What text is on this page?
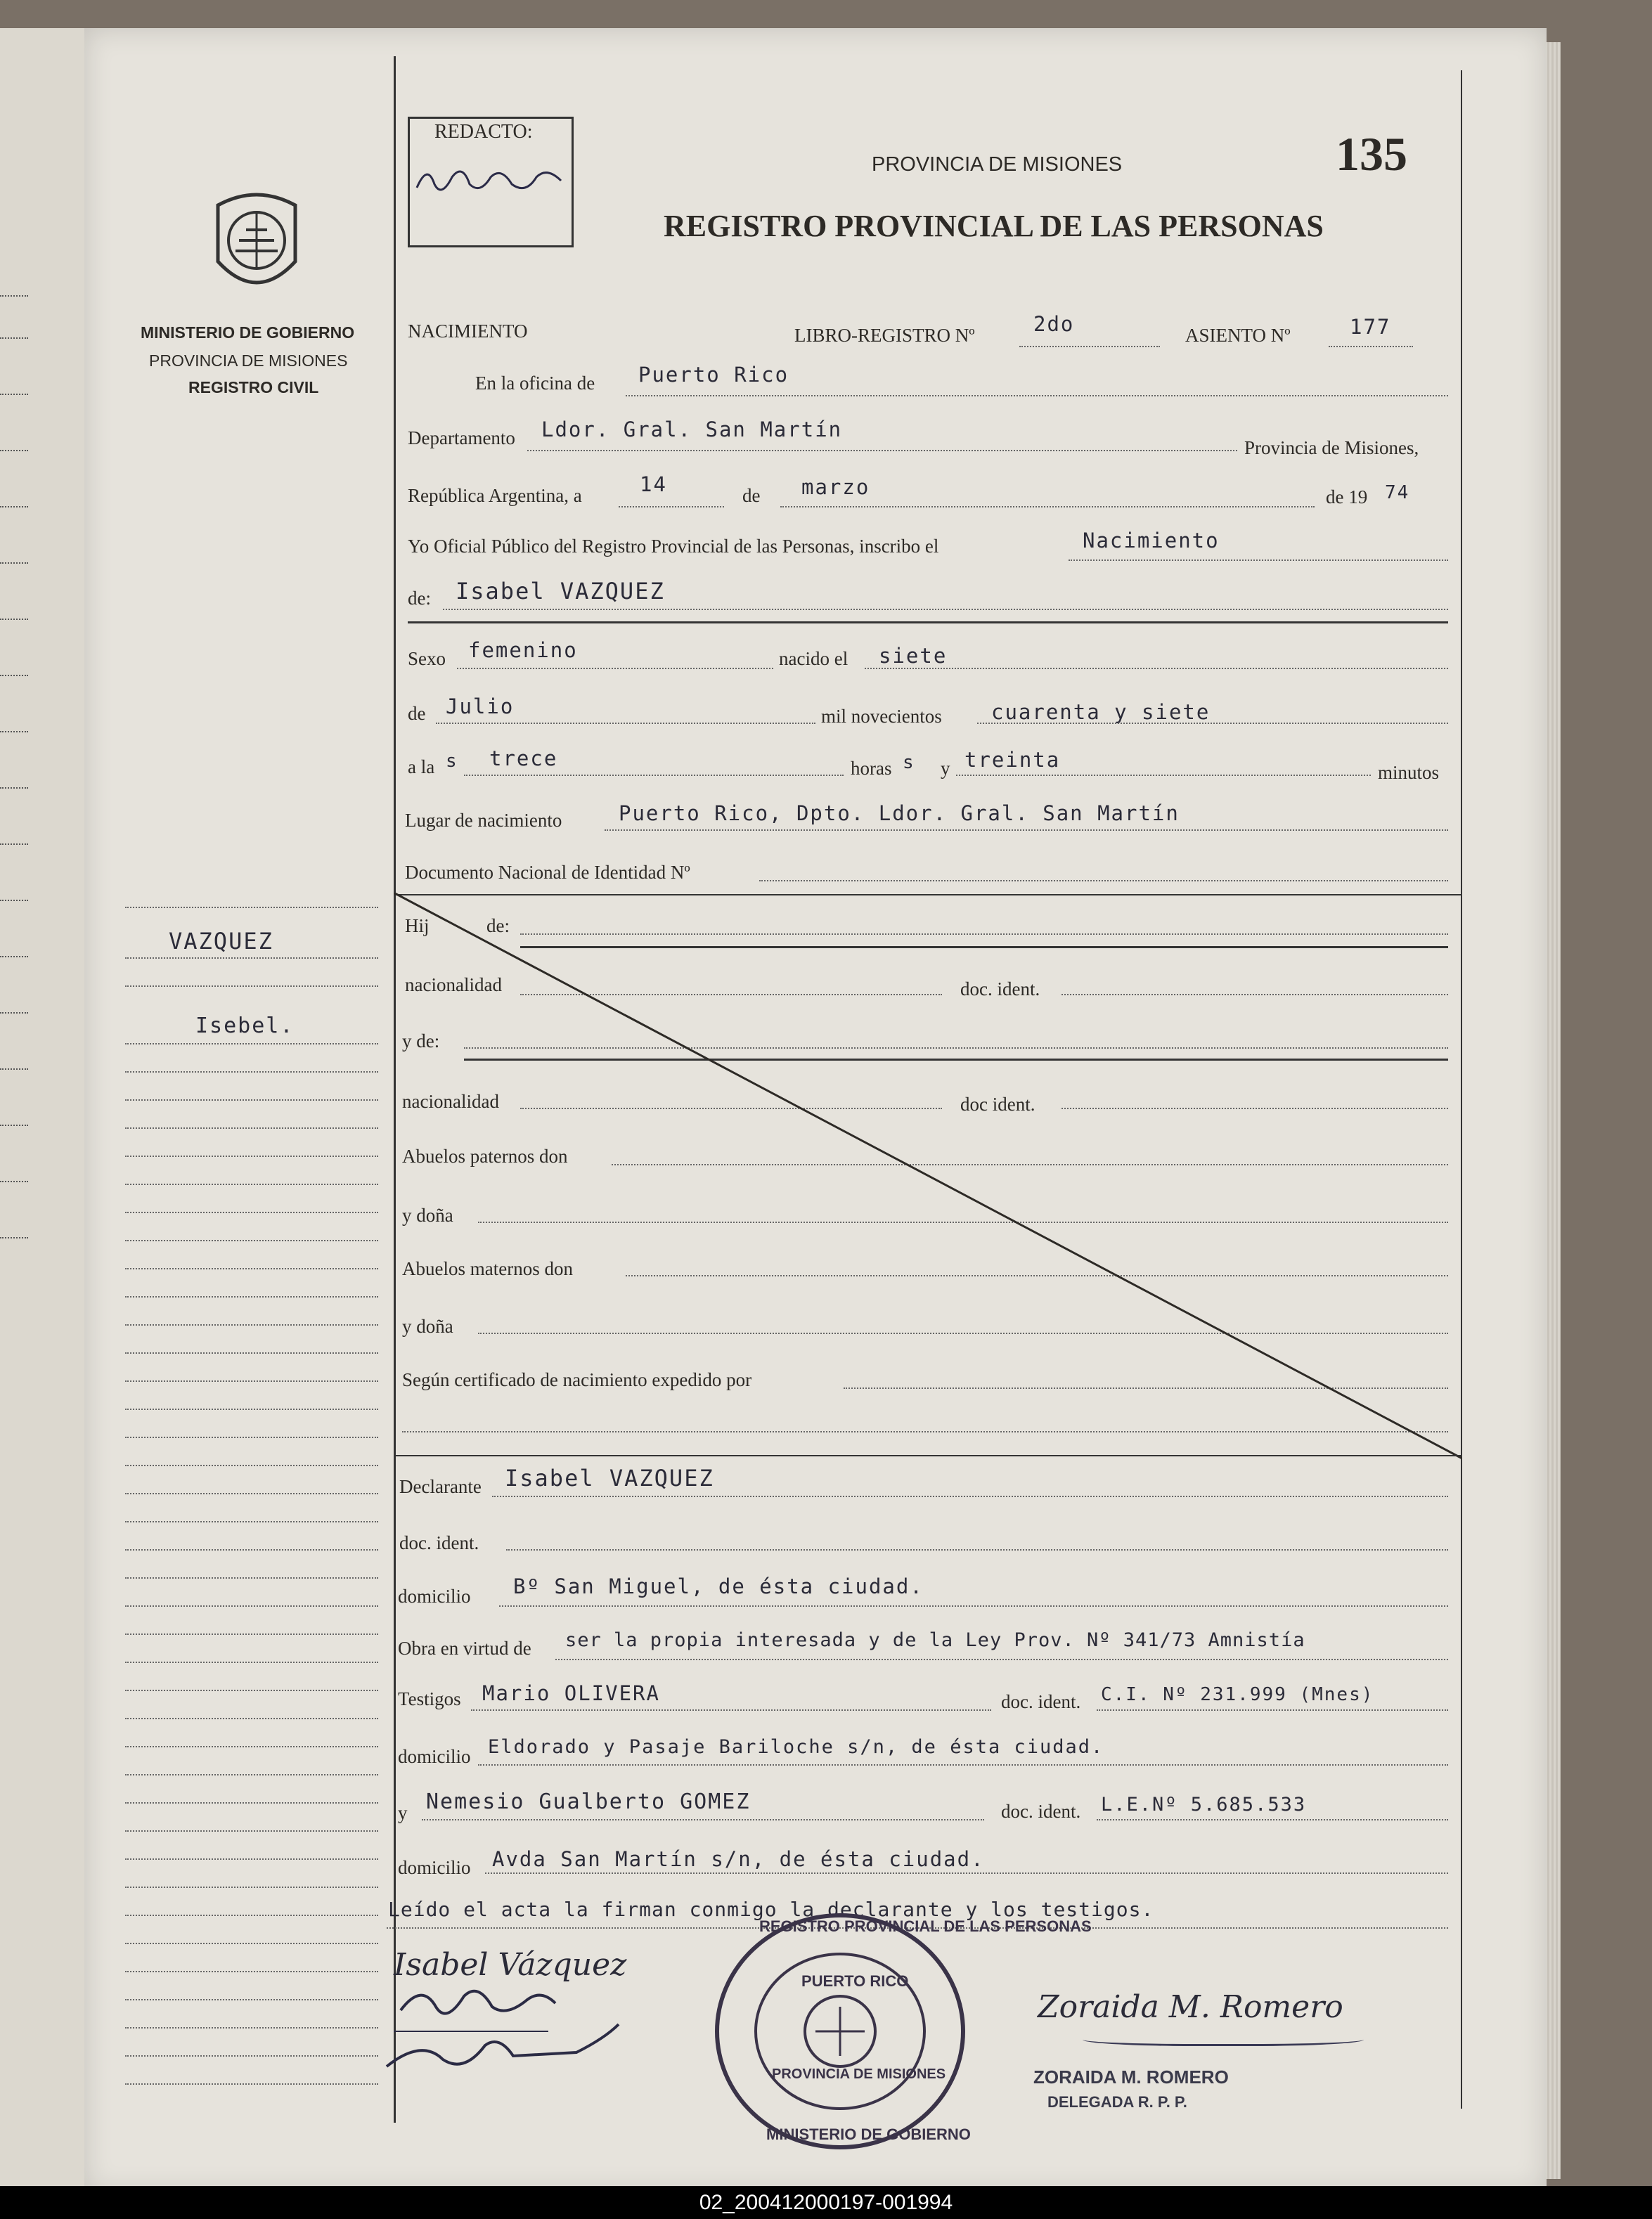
MINISTERIO DE GOBIERNO
PROVINCIA DE MISIONES
REGISTRO CIVIL
VAZQUEZ
Isebel.
REDACTO:
PROVINCIA DE MISIONES
REGISTRO PROVINCIAL DE LAS PERSONAS
135
NACIMIENTO	LIBRO-REGISTRO Nº	2do	ASIENTO Nº	177
En la oficina de Puerto Rico
Departamento Ldor. Gral. San Martín
Provincia de Misiones,
República Argentina, a	14	de marzo	de 19 74
Yo Oficial Público del Registro Provincial de las Personas, inscribo el	Nacimiento
de: Isabel VAZQUEZ
Sexo femenino	nacido el siete
de Julio	mil novecientos cuarenta y siete
a la s trece	horas s y treinta
minutos
Lugar de nacimiento	Puerto Rico, Dpto. Ldor. Gral. San Martín
Documento Nacional de Identidad Nº
Hij	de:
nacionalidad	doc. ident.
y de:
nacionalidad	doc ident.
Abuelos paternos don
y doña
Abuelos maternos don
y doña
Según certificado de nacimiento expedido por
Declarante Isabel VAZQUEZ
doc. ident.
domicilio Bº San Miguel, de ésta ciudad.
Obra en virtud de ser la propia interesada y de la Ley Prov. Nº 341/73 Amnistía
Testigos Mario OLIVERA	doc. ident. C.I. Nº 231.999 (Mnes)
domicilio Eldorado y Pasaje Bariloche s/n, de ésta ciudad.
y Nemesio Gualberto GOMEZ	doc. ident. L.E.Nº 5.685.533
domicilio Avda San Martín s/n, de ésta ciudad.
Leído el acta la firman conmigo la declarante y los testigos.
Isabel Vázquez
REGISTRO PROVINCIAL DE LAS PERSONAS
PUERTO RICO
PROVINCIA DE MISIONES
MINISTERIO DE GOBIERNO
Zoraida M. Romero
ZORAIDA M. ROMERO
DELEGADA R. P. P.
02_200412000197-001994
